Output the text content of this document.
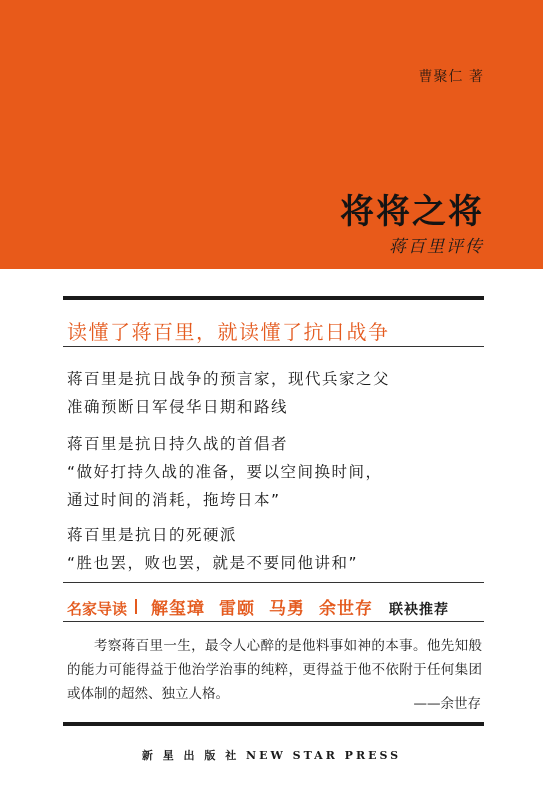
曹聚仁 著
将将之将
蒋百里评传
读懂了蒋百里，就读懂了抗日战争
蒋百里是抗日战争的预言家，现代兵家之父
准确预断日军侵华日期和路线
蒋百里是抗日持久战的首倡者
“做好打持久战的准备，要以空间换时间，
通过时间的消耗，拖垮日本”
蒋百里是抗日的死硬派
“胜也罢，败也罢，就是不要同他讲和”
名家导读 解玺璋 雷颐 马勇 余世存 联袂推荐
考察蒋百里一生，最令人心醉的是他料事如神的本事。他先知般的能力可能得益于他治学治事的纯粹，更得益于他不依附于任何集团或体制的超然、独立人格。
——余世存
新 星 出 版 社 NEW STAR PRESS
